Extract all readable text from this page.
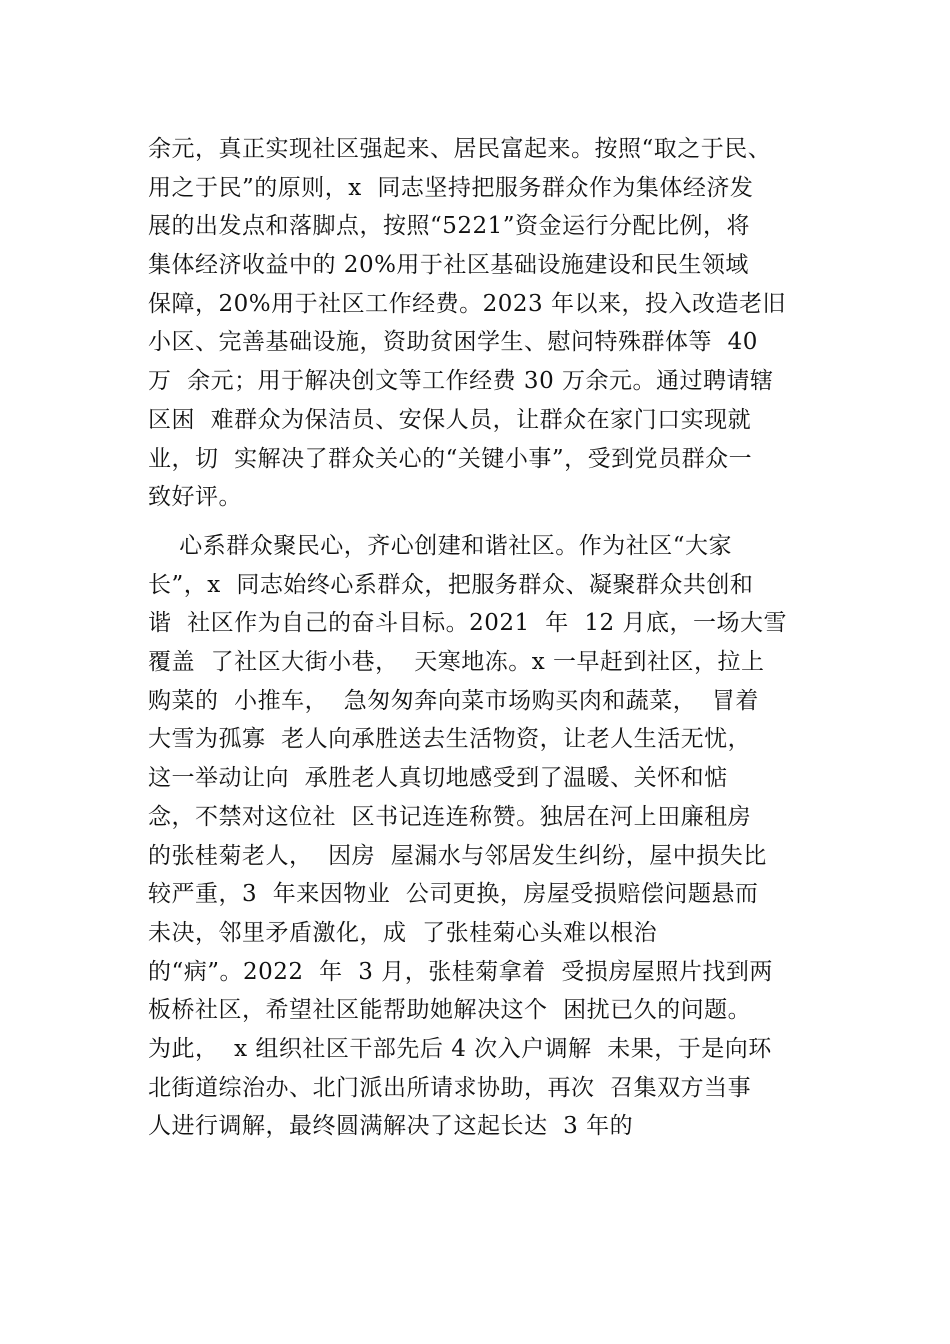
余元，真正实现社区强起来、居民富起来。按照“取之于民、
用之于民”的原则，x  同志坚持把服务群众作为集体经济发
展的出发点和落脚点，按照“5221”资金运行分配比例，将
集体经济收益中的 20%用于社区基础设施建设和民生领域
保障，20%用于社区工作经费。2023 年以来，投入改造老旧
小区、完善基础设施，资助贫困学生、慰问特殊群体等  40
万  余元；用于解决创文等工作经费 30 万余元。通过聘请辖
区困  难群众为保洁员、安保人员，让群众在家门口实现就
业，切  实解决了群众关心的“关键小事”，受到党员群众一
致好评。
心系群众聚民心，齐心创建和谐社区。作为社区“大家
长”，x  同志始终心系群众，把服务群众、凝聚群众共创和
谐  社区作为自己的奋斗目标。2021  年  12 月底，一场大雪
覆盖  了社区大街小巷，  天寒地冻。x 一早赶到社区，拉上
购菜的  小推车，  急匆匆奔向菜市场购买肉和蔬菜，  冒着
大雪为孤寡  老人向承胜送去生活物资，让老人生活无忧，
这一举动让向  承胜老人真切地感受到了温暖、关怀和惦
念，不禁对这位社  区书记连连称赞。独居在河上田廉租房
的张桂菊老人，  因房  屋漏水与邻居发生纠纷，屋中损失比
较严重，3  年来因物业  公司更换，房屋受损赔偿问题悬而
未决，邻里矛盾激化，成  了张桂菊心头难以根治
的“病”。2022  年  3 月，张桂菊拿着  受损房屋照片找到两
板桥社区，希望社区能帮助她解决这个  困扰已久的问题。
为此，  x 组织社区干部先后 4 次入户调解  未果，于是向环
北街道综治办、北门派出所请求协助，再次  召集双方当事
人进行调解，最终圆满解决了这起长达  3 年的
